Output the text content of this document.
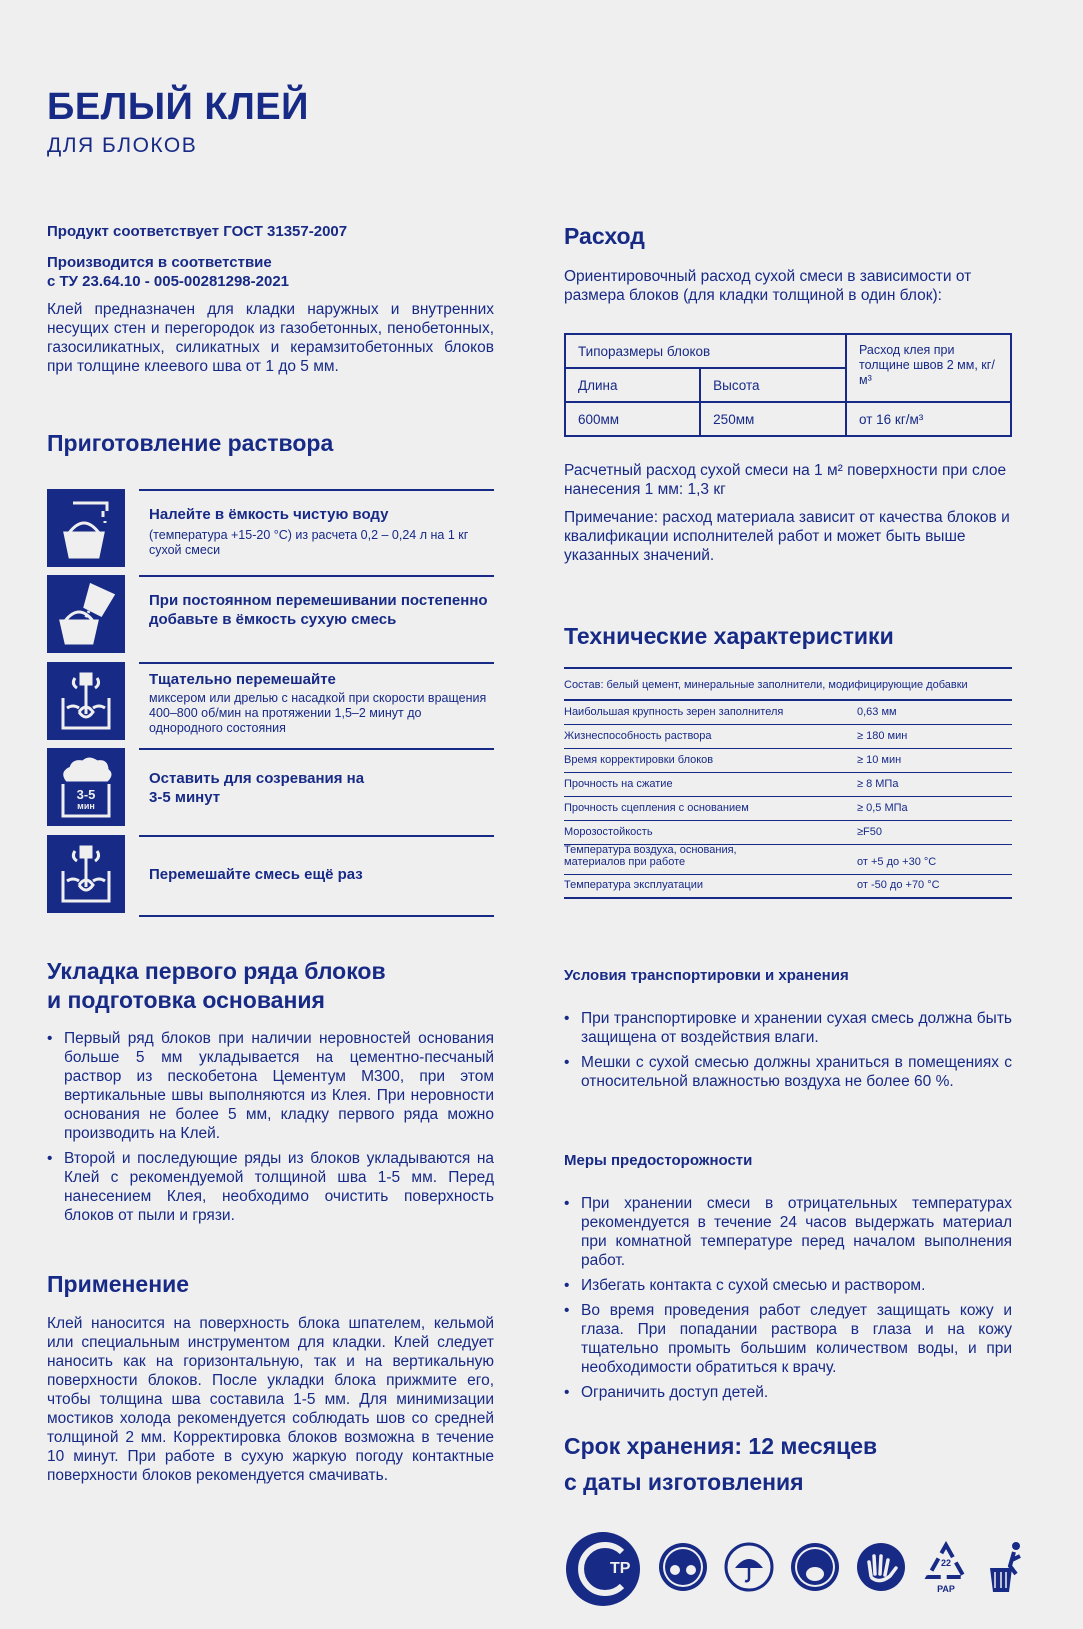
БЕЛЫЙ КЛЕЙ
ДЛЯ БЛОКОВ
Продукт соответствует ГОСТ 31357-2007
Производится в соответствие
с ТУ 23.64.10 - 005-00281298-2021
Клей предназначен для кладки наружных и внутренних несущих стен и перегородок из газобетонных, пенобетонных, газосиликатных, силикатных и керамзитобетонных блоков при толщине клеевого шва от 1 до 5 мм.
Приготовление раствора
Налейте в ёмкость чистую воду
(температура +15-20 °С) из расчета 0,2 – 0,24 л на 1 кг сухой смеси
При постоянном перемешивании постепенно добавьте в ёмкость сухую смесь
Тщательно перемешайте
миксером или дрелью с насадкой при скорости вращения 400–800 об/мин на протяжении 1,5–2 минут до однородного состояния
3-5
мин
Оставить для созревания на 3-5 минут
Перемешайте смесь ещё раз
Укладка первого ряда блоков
и подготовка основания
• Первый ряд блоков при наличии неровностей основания больше 5 мм укладывается на цементно-песчаный раствор из пескобетона Цементум М300, при этом вертикальные швы выполняются из Клея. При неровности основания не более 5 мм, кладку первого ряда можно производить на Клей.
• Второй и последующие ряды из блоков укладываются на Клей с рекомендуемой толщиной шва 1-5 мм. Перед нанесением Клея, необходимо очистить поверхность блоков от пыли и грязи.
Применение
Клей наносится на поверхность блока шпателем, кельмой или специальным инструментом для кладки. Клей следует наносить как на горизонтальную, так и на вертикальную поверхности блоков. После укладки блока прижмите его, чтобы толщина шва составила 1-5 мм. Для минимизации мостиков холода рекомендуется соблюдать шов со средней толщиной 2 мм. Корректировка блоков возможна в течение 10 минут. При работе в сухую жаркую погоду контактные поверхности блоков рекомендуется смачивать.
Расход
Ориентировочный расход сухой смеси в зависимости от размера блоков (для кладки толщиной в один блок):
Типоразмеры блоков		Расход клея при толщине швов 2 мм, кг/м³
Длина	Высота	
600мм	250мм	от 16 кг/м³
Расчетный расход сухой смеси на 1 м² поверхности при слое нанесения 1 мм: 1,3 кг
Примечание: расход материала зависит от качества блоков и квалификации исполнителей работ и может быть выше указанных значений.
Технические характеристики
Состав: белый цемент, минеральные заполнители, модифицирующие добавки
Наибольшая крупность зерен заполнителя	0,63 мм
Жизнеспособность раствора	≥ 180 мин
Время корректировки блоков	≥ 10 мин
Прочность на сжатие	≥ 8 МПа
Прочность сцепления с основанием	≥ 0,5 МПа
Морозостойкость	≥F50
Температура воздуха, основания, материалов при работе	от +5 до +30 °С
Температура эксплуатации	от -50 до +70 °С
Условия транспортировки и хранения
• При транспортировке и хранении сухая смесь должна быть защищена от воздействия влаги.
• Мешки с сухой смесью должны храниться в помещениях с относительной влажностью воздуха не более 60 %.
Меры предосторожности
• При хранении смеси в отрицательных температурах рекомендуется в течение 24 часов выдержать материал при комнатной температуре перед началом выполнения работ.
• Избегать контакта с сухой смесью и раствором.
• Во время проведения работ следует защищать кожу и глаза. При попадании раствора в глаза и на кожу тщательно промыть большим количеством воды, и при необходимости обратиться к врачу.
• Ограничить доступ детей.
Срок хранения: 12 месяцев
с даты изготовления
ТР	22
PAP
